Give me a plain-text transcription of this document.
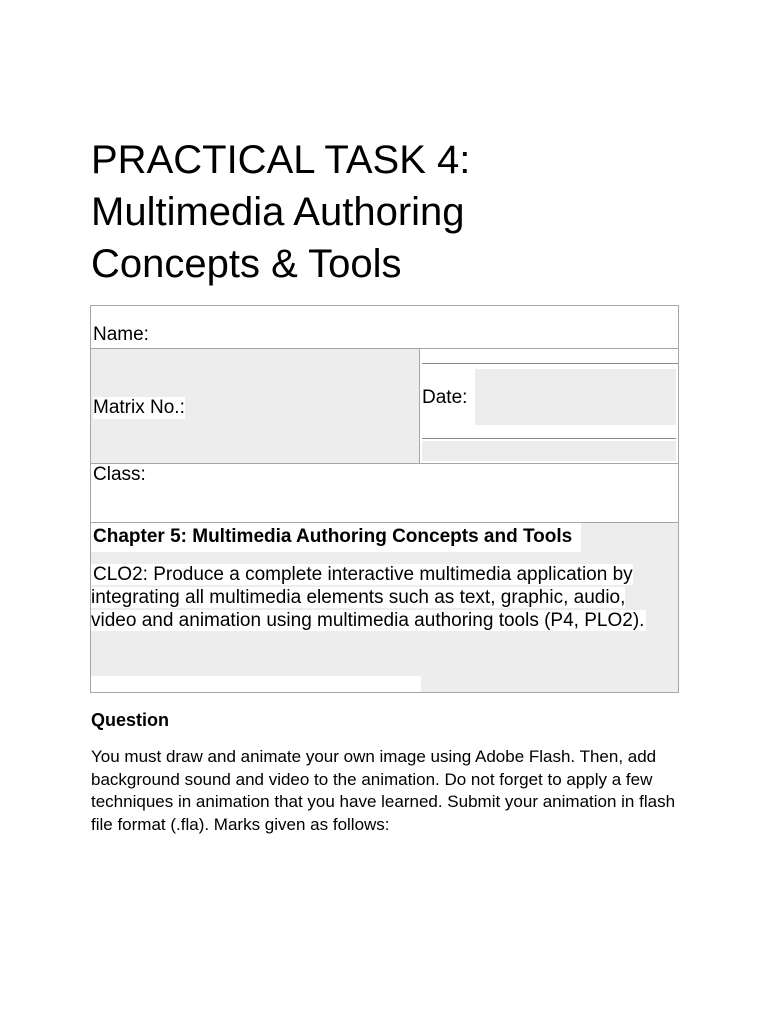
PRACTICAL TASK 4:
Multimedia Authoring
Concepts & Tools
Name:
Matrix No.:	Date:
Class:
Chapter 5: Multimedia Authoring Concepts and Tools
CLO2: Produce a complete interactive multimedia application by integrating all multimedia elements such as text, graphic, audio, video and animation using multimedia authoring tools (P4, PLO2).
Question

You must draw and animate your own image using Adobe Flash. Then, add background sound and video to the animation. Do not forget to apply a few techniques in animation that you have learned. Submit your animation in flash file format (.fla). Marks given as follows:
